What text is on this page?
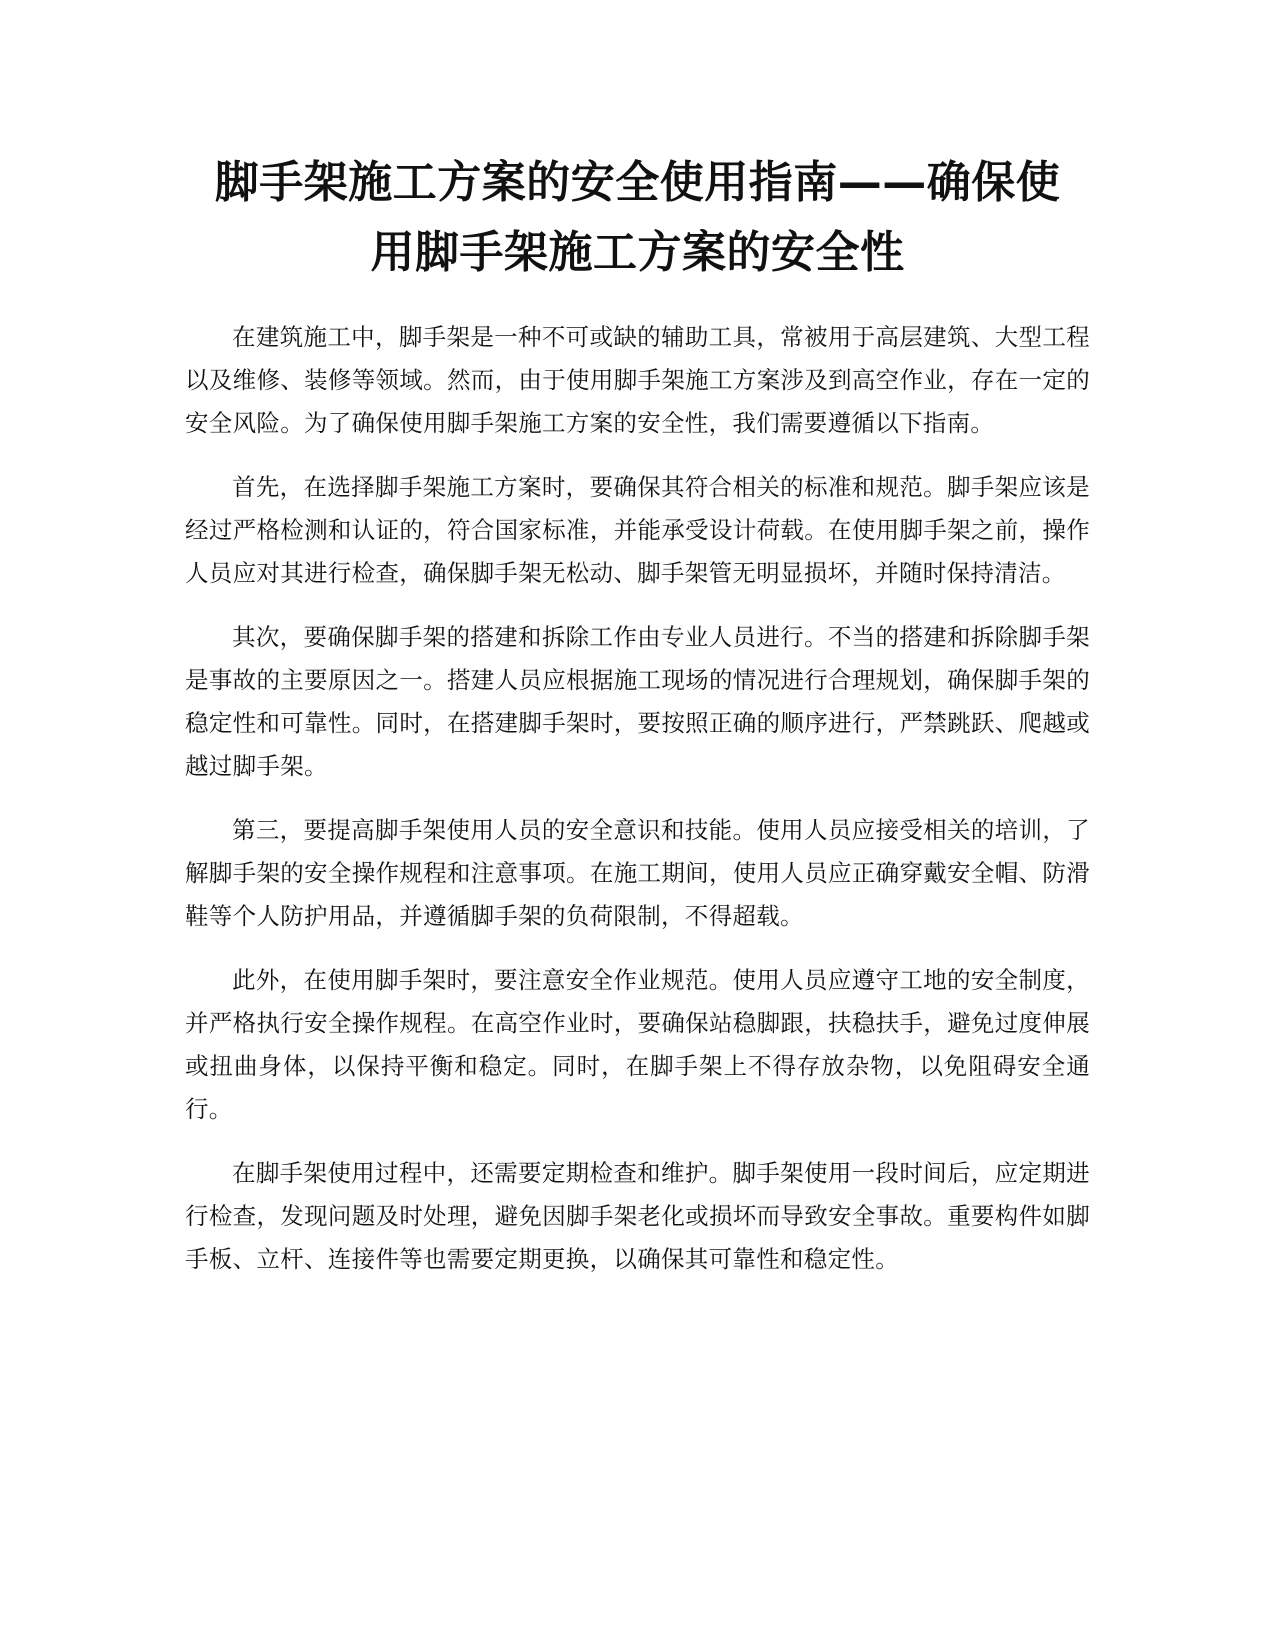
脚手架施工方案的安全使用指南——确保使
用脚手架施工方案的安全性

在建筑施工中，脚手架是一种不可或缺的辅助工具，常被用于高层建筑、大型工程以及维修、装修等领域。然而，由于使用脚手架施工方案涉及到高空作业，存在一定的安全风险。为了确保使用脚手架施工方案的安全性，我们需要遵循以下指南。

首先，在选择脚手架施工方案时，要确保其符合相关的标准和规范。脚手架应该是经过严格检测和认证的，符合国家标准，并能承受设计荷载。在使用脚手架之前，操作人员应对其进行检查，确保脚手架无松动、脚手架管无明显损坏，并随时保持清洁。

其次，要确保脚手架的搭建和拆除工作由专业人员进行。不当的搭建和拆除脚手架是事故的主要原因之一。搭建人员应根据施工现场的情况进行合理规划，确保脚手架的稳定性和可靠性。同时，在搭建脚手架时，要按照正确的顺序进行，严禁跳跃、爬越或越过脚手架。

第三，要提高脚手架使用人员的安全意识和技能。使用人员应接受相关的培训，了解脚手架的安全操作规程和注意事项。在施工期间，使用人员应正确穿戴安全帽、防滑鞋等个人防护用品，并遵循脚手架的负荷限制，不得超载。

此外，在使用脚手架时，要注意安全作业规范。使用人员应遵守工地的安全制度，并严格执行安全操作规程。在高空作业时，要确保站稳脚跟，扶稳扶手，避免过度伸展或扭曲身体，以保持平衡和稳定。同时，在脚手架上不得存放杂物，以免阻碍安全通行。

在脚手架使用过程中，还需要定期检查和维护。脚手架使用一段时间后，应定期进行检查，发现问题及时处理，避免因脚手架老化或损坏而导致安全事故。重要构件如脚手板、立杆、连接件等也需要定期更换，以确保其可靠性和稳定性。
